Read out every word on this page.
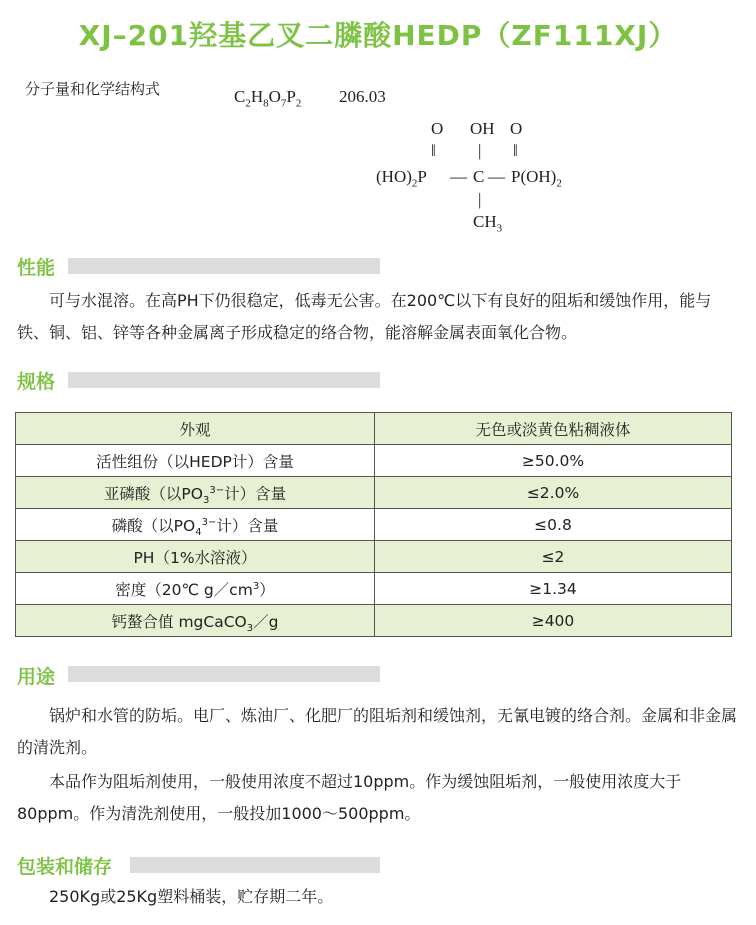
XJ–201羟基乙叉二膦酸HEDP（ZF111XJ）
分子量和化学结构式	$C_2H_8O_7P_2$ 206.03
O OH O
‖ | ‖
$(HO)_2P$ — C — $P(OH)_2$
|
$CH_3$
性能
可与水混溶。在高PH下仍很稳定，低毒无公害。在200℃以下有良好的阻垢和缓蚀作用，能与铁、铜、铝、锌等各种金属离子形成稳定的络合物，能溶解金属表面氧化合物。
规格
外观	无色或淡黄色粘稠液体
活性组份（以HEDP计）含量	≥50.0%
亚磷酸（以$PO_3^{3-}$计）含量	≤2.0%
磷酸（以$PO_4^{3-}$计）含量	≤0.8
PH（1%水溶液）	≤2
密度（20℃ $g/cm^3$）	≥1.34
钙螯合值 mgCaCO$_3$／g	≥400
用途
锅炉和水管的防垢。电厂、炼油厂、化肥厂的阻垢剂和缓蚀剂，无氰电镀的络合剂。金属和非金属的清洗剂。
本品作为阻垢剂使用，一般使用浓度不超过10ppm。作为缓蚀阻垢剂，一般使用浓度大于80ppm。作为清洗剂使用，一般投加1000～500ppm。
包装和储存
250Kg或25Kg塑料桶装，贮存期二年。
